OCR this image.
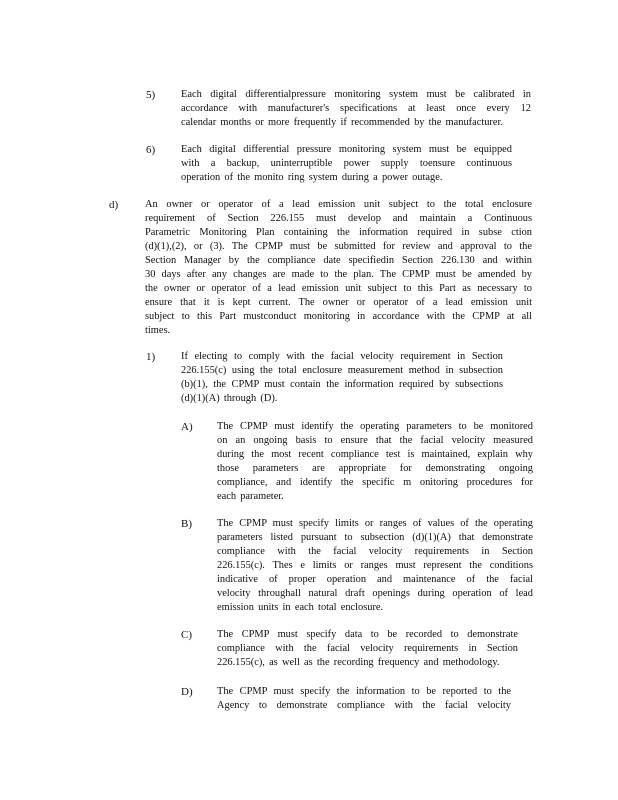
5) Each digital differentialpressure monitoring system must be calibrated in
accordance with manufacturer's specifications at least once every 12
calendar months or more frequently if recommended by the manufacturer.
6) Each digital differential pressure monitoring system must be equipped
with a backup, uninterruptible power supply toensure continuous
operation of the monito ring system during a power outage.
d)	An owner or operator of a lead emission unit subject to the total enclosure
requirement of Section 226.155 must develop and maintain a Continuous
Parametric Monitoring Plan containing the information required in subse ction
(d)(1),(2), or (3). The CPMP must be submitted for review and approval to the
Section Manager by the compliance date specifiedin Section 226.130 and within
30 days after any changes are made to the plan. The CPMP must be amended by
the owner or operator of a lead emission unit subject to this Part as necessary to
ensure that it is kept current. The owner or operator of a lead emission unit
subject to this Part mustconduct monitoring in accordance with the CPMP at all
times.
1) If electing to comply with the facial velocity requirement in Section
226.155(c) using the total enclosure measurement method in subsection
(b)(1), the CPMP must contain the information required by subsections
(d)(1)(A) through (D).
A) The CPMP must identify the operating parameters to be monitored
on an ongoing basis to ensure that the facial velocity measured
during the most recent compliance test is maintained, explain why
those parameters are appropriate for demonstrating ongoing
compliance, and identify the specific m onitoring procedures for
each parameter.
B) The CPMP must specify limits or ranges of values of the operating
parameters listed pursuant to subsection (d)(1)(A) that demonstrate
compliance with the facial velocity requirements in Section
226.155(c). Thes e limits or ranges must represent the conditions
indicative of proper operation and maintenance of the facial
velocity throughall natural draft openings during operation of lead
emission units in each total enclosure.
C) The CPMP must specify data to be recorded to demonstrate
compliance with the facial velocity requirements in Section
226.155(c), as well as the recording frequency and methodology.
D) The CPMP must specify the information to be reported to the
Agency to demonstrate compliance with the facial velocity
